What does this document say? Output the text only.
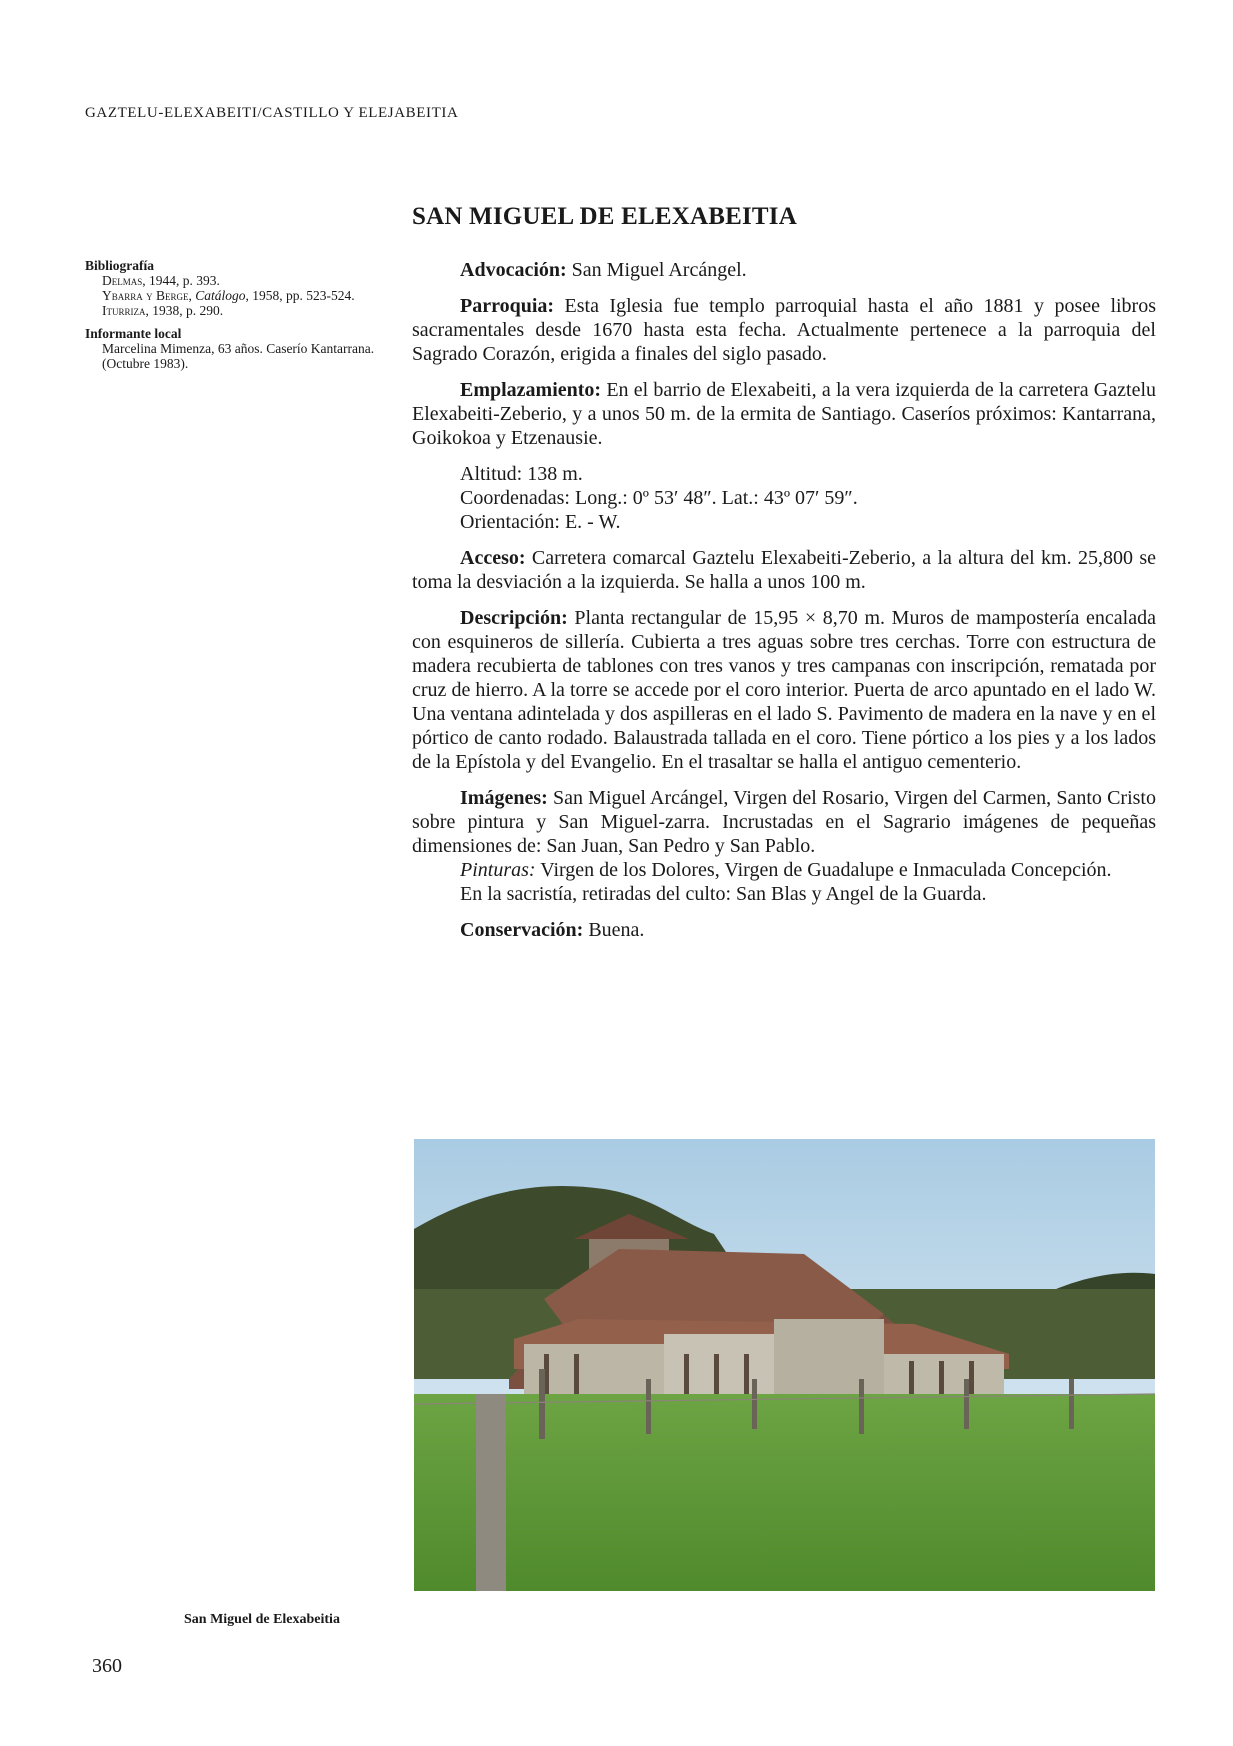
GAZTELU-ELEXABEITI/CASTILLO Y ELEJABEITIA
SAN MIGUEL DE ELEXABEITIA

Bibliografía

Delmas, 1944, p. 393.

Ybarra y Berge, Catálogo, 1958, pp. 523-524.

Iturriza, 1938, p. 290.

Informante local

Marcelina Mimenza, 63 años. Caserío Kantarrana. (Octubre 1983).

Advocación: San Miguel Arcángel.

Parroquia: Esta Iglesia fue templo parroquial hasta el año 1881 y posee libros sacramentales desde 1670 hasta esta fecha. Actualmente pertenece a la parroquia del Sagrado Corazón, erigida a finales del siglo pasado.

Emplazamiento: En el barrio de Elexabeiti, a la vera izquierda de la carretera Gaztelu Elexabeiti-Zeberio, y a unos 50 m. de la ermita de Santiago. Caseríos próximos: Kantarrana, Goikokoa y Etzenausie.

Altitud: 138 m.
Coordenadas: Long.: 0º 53′ 48″. Lat.: 43º 07′ 59″.
Orientación: E. - W.

Acceso: Carretera comarcal Gaztelu Elexabeiti-Zeberio, a la altura del km. 25,800 se toma la desviación a la izquierda. Se halla a unos 100 m.

Descripción: Planta rectangular de 15,95 × 8,70 m. Muros de mampostería encalada con esquineros de sillería. Cubierta a tres aguas sobre tres cerchas. Torre con estructura de madera recubierta de tablones con tres vanos y tres campanas con inscripción, rematada por cruz de hierro. A la torre se accede por el coro interior. Puerta de arco apuntado en el lado W. Una ventana adintelada y dos aspilleras en el lado S. Pavimento de madera en la nave y en el pórtico de canto rodado. Balaustrada tallada en el coro. Tiene pórtico a los pies y a los lados de la Epístola y del Evangelio. En el trasaltar se halla el antiguo cementerio.

Imágenes: San Miguel Arcángel, Virgen del Rosario, Virgen del Carmen, Santo Cristo sobre pintura y San Miguel-zarra. Incrustadas en el Sagrario imágenes de pequeñas dimensiones de: San Juan, San Pedro y San Pablo.

Pinturas: Virgen de los Dolores, Virgen de Guadalupe e Inmaculada Concepción.

En la sacristía, retiradas del culto: San Blas y Angel de la Guarda.

Conservación: Buena.

San Miguel de Elexabeitia
360
